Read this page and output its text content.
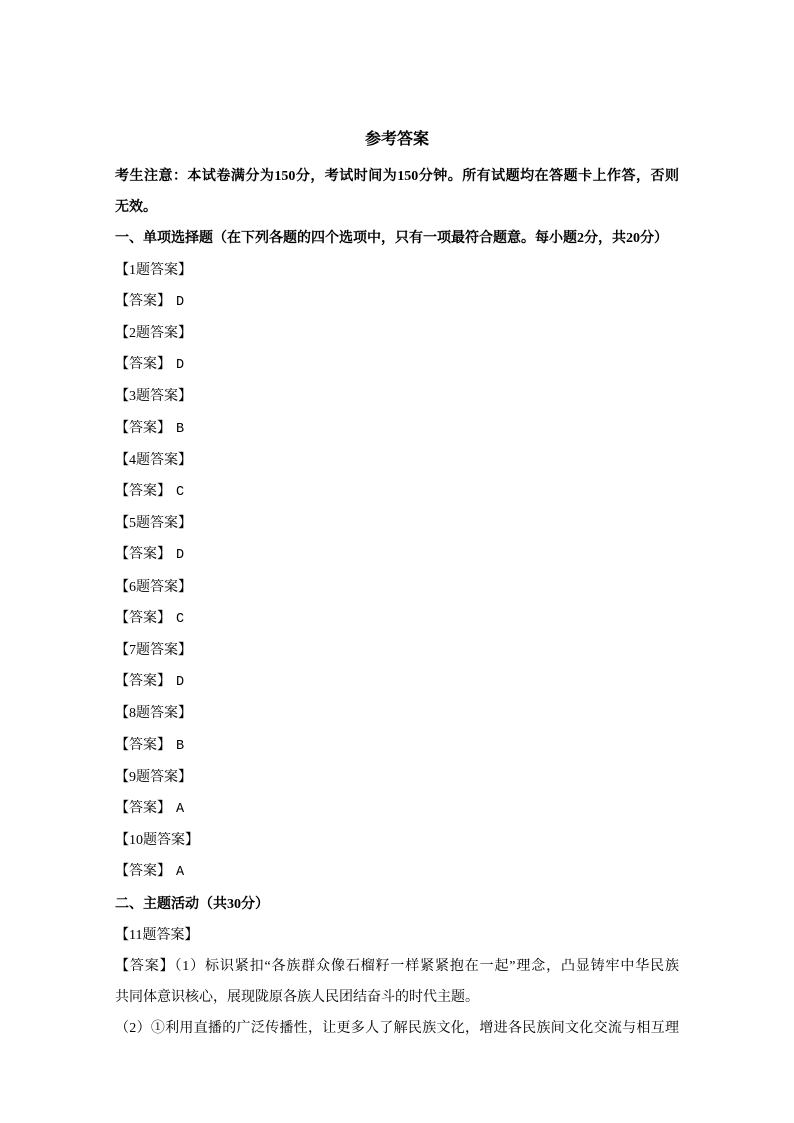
参考答案

考生注意：本试卷满分为150分，考试时间为150分钟。所有试题均在答题卡上作答，否则

无效。

一、单项选择题（在下列各题的四个选项中，只有一项最符合题意。每小题2分，共20分）

【1题答案】

【答案】 D

【2题答案】

【答案】 D

【3题答案】

【答案】 B

【4题答案】

【答案】 C

【5题答案】

【答案】 D

【6题答案】

【答案】 C

【7题答案】

【答案】 D

【8题答案】

【答案】 B

【9题答案】

【答案】 A

【10题答案】

【答案】 A

二、主题活动（共30分）

【11题答案】

【答案】（1）标识紧扣“各族群众像石榴籽一样紧紧抱在一起”理念，凸显铸牢中华民族

共同体意识核心，展现陇原各族人民团结奋斗的时代主题。

（2）①利用直播的广泛传播性，让更多人了解民族文化，增进各民族间文化交流与相互理
